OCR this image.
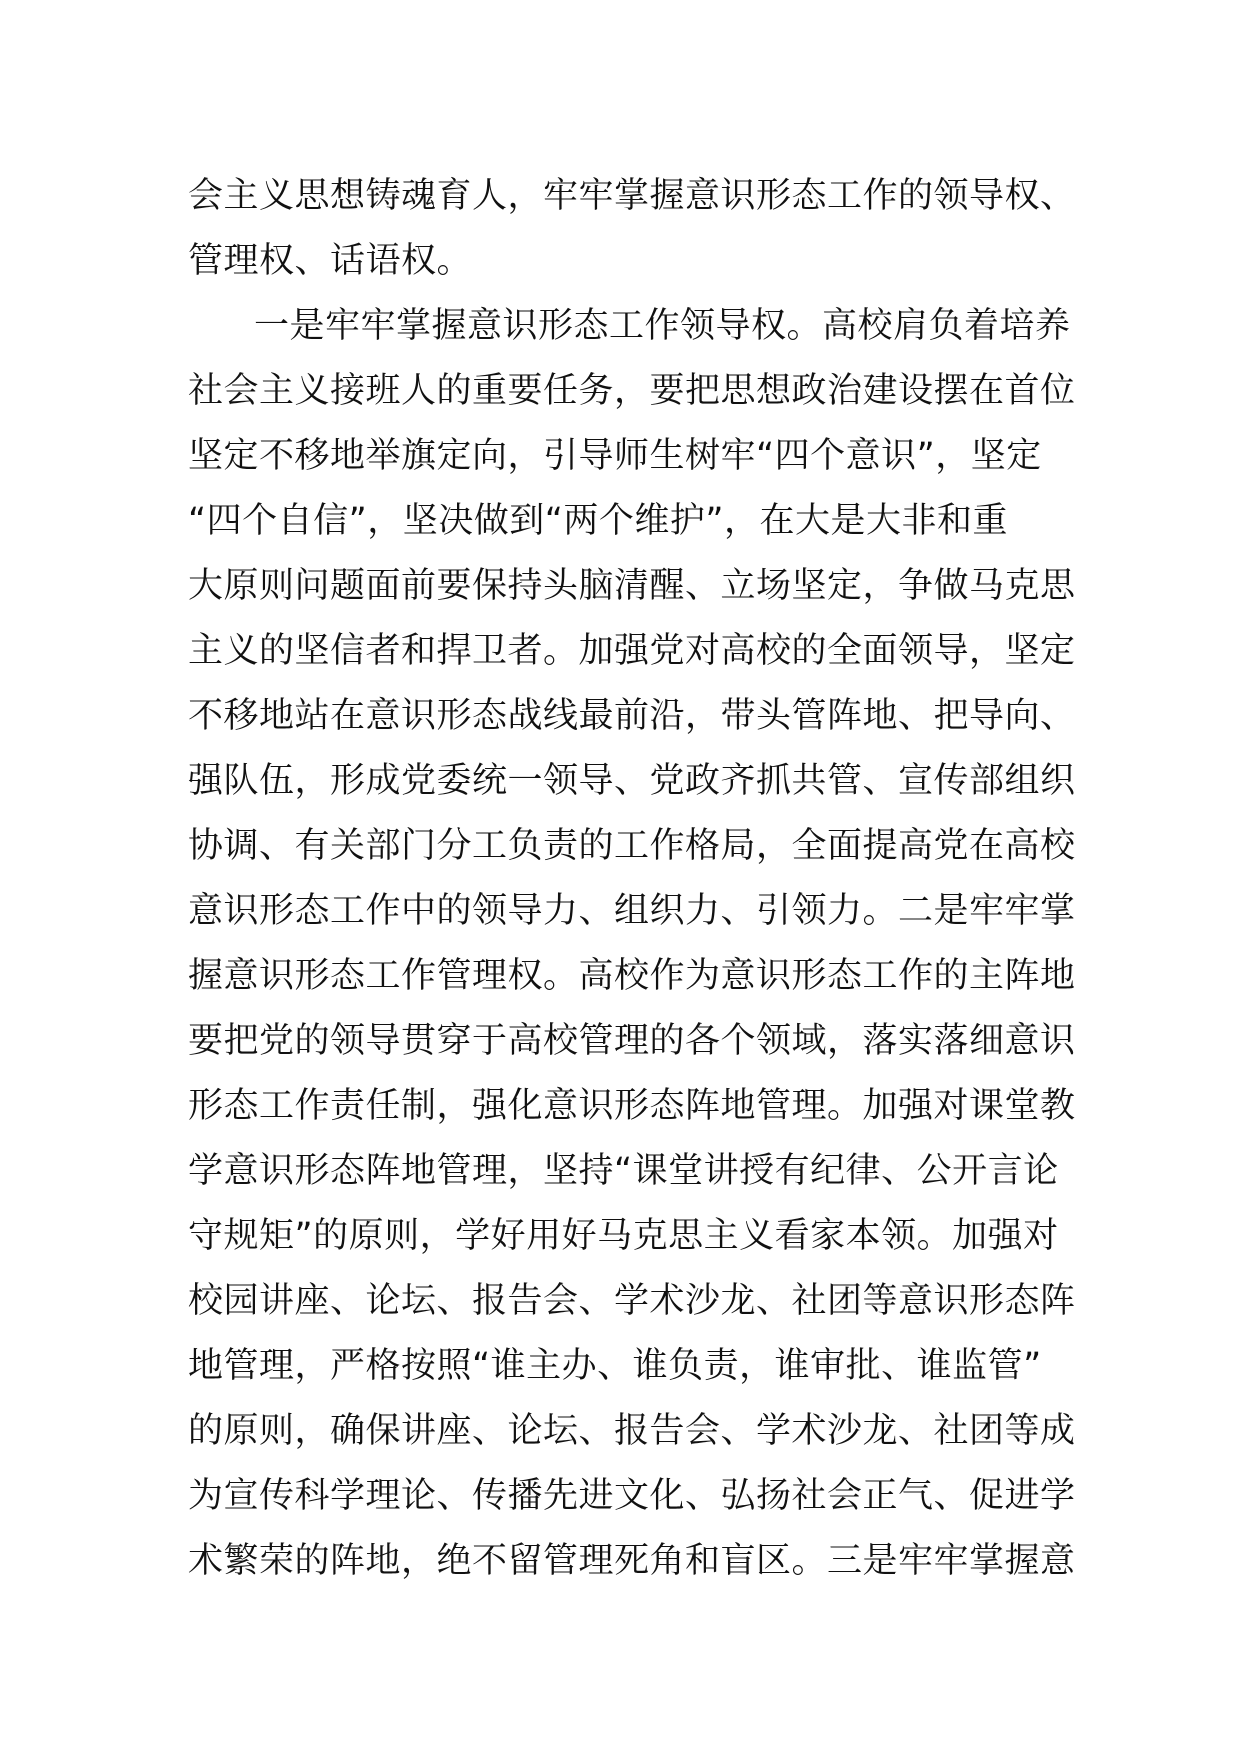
会主义思想铸魂育人，牢牢掌握意识形态工作的领导权、
管理权、话语权。
一是牢牢掌握意识形态工作领导权。高校肩负着培养
社会主义接班人的重要任务，要把思想政治建设摆在首位
坚定不移地举旗定向，引导师生树牢“四个意识”，坚定
“四个自信”，坚决做到“两个维护”，在大是大非和重
大原则问题面前要保持头脑清醒、立场坚定，争做马克思
主义的坚信者和捍卫者。加强党对高校的全面领导，坚定
不移地站在意识形态战线最前沿，带头管阵地、把导向、
强队伍，形成党委统一领导、党政齐抓共管、宣传部组织
协调、有关部门分工负责的工作格局，全面提高党在高校
意识形态工作中的领导力、组织力、引领力。二是牢牢掌
握意识形态工作管理权。高校作为意识形态工作的主阵地
要把党的领导贯穿于高校管理的各个领域，落实落细意识
形态工作责任制，强化意识形态阵地管理。加强对课堂教
学意识形态阵地管理，坚持“课堂讲授有纪律、公开言论
守规矩”的原则，学好用好马克思主义看家本领。加强对
校园讲座、论坛、报告会、学术沙龙、社团等意识形态阵
地管理，严格按照“谁主办、谁负责，谁审批、谁监管”
的原则，确保讲座、论坛、报告会、学术沙龙、社团等成
为宣传科学理论、传播先进文化、弘扬社会正气、促进学
术繁荣的阵地，绝不留管理死角和盲区。三是牢牢掌握意
